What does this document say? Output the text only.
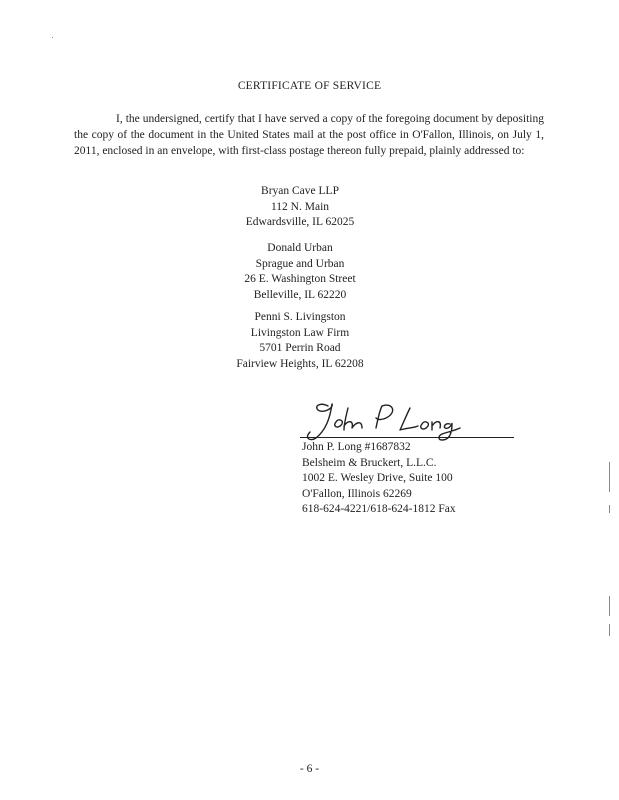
CERTIFICATE OF SERVICE
I, the undersigned, certify that I have served a copy of the foregoing document by depositing the copy of the document in the United States mail at the post office in O'Fallon, Illinois, on July 1, 2011, enclosed in an envelope, with first-class postage thereon fully prepaid, plainly addressed to:
Bryan Cave LLP
112 N. Main
Edwardsville, IL 62025
Donald Urban
Sprague and Urban
26 E. Washington Street
Belleville, IL 62220
Penni S. Livingston
Livingston Law Firm
5701 Perrin Road
Fairview Heights, IL 62208
John P. Long #1687832
Belsheim & Bruckert, L.L.C.
1002 E. Wesley Drive, Suite 100
O'Fallon, Illinois 62269
618-624-4221/618-624-1812 Fax
- 6 -
